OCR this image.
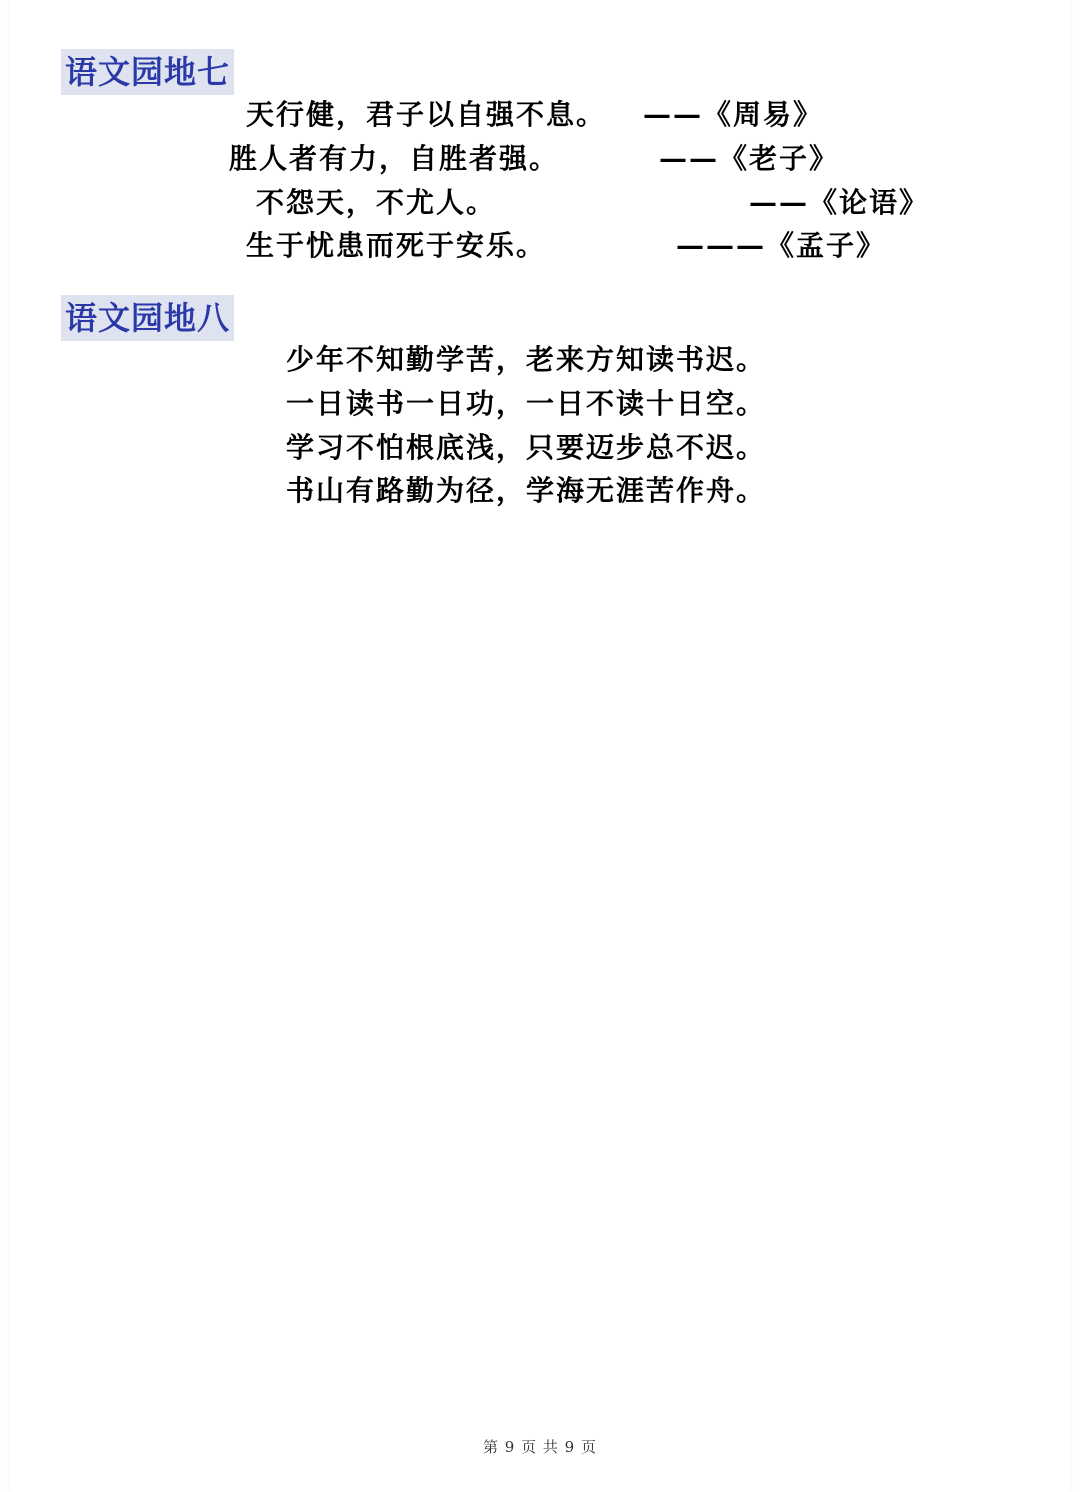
语文园地七
天行健，君子以自强不息。 ——《周易》
胜人者有力，自胜者强。	——《老子》
不怨天，不尤人。	——《论语》
生于忧患而死于安乐。	———《孟子》
语文园地八
少年不知勤学苦，老来方知读书迟。
一日读书一日功，一日不读十日空。
学习不怕根底浅，只要迈步总不迟。
书山有路勤为径，学海无涯苦作舟。
第 9 页 共 9 页
